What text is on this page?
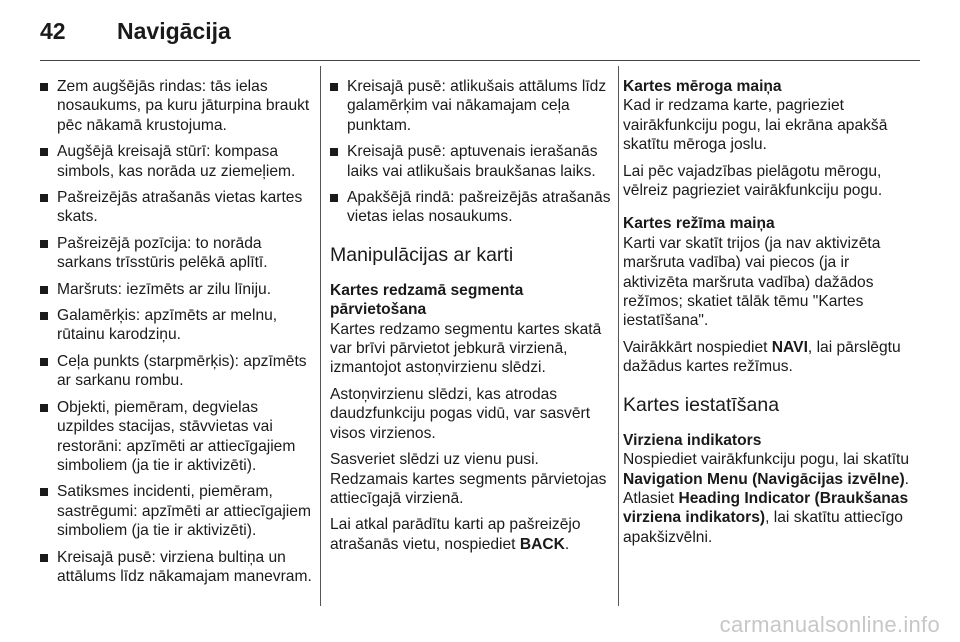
42 Navigācija
Zem augšējās rindas: tās ielas nosaukums, pa kuru jāturpina braukt pēc nākamā krustojuma.
Augšējā kreisajā stūrī: kompasa simbols, kas norāda uz ziemeļiem.
Pašreizējās atrašanās vietas kartes skats.
Pašreizējā pozīcija: to norāda sarkans trīsstūris pelēkā aplītī.
Maršruts: iezīmēts ar zilu līniju.
Galamērķis: apzīmēts ar melnu, rūtainu karodziņu.
Ceļa punkts (starpmērķis): apzīmēts ar sarkanu rombu.
Objekti, piemēram, degvielas uzpildes stacijas, stāvvietas vai restorāni: apzīmēti ar attiecīgajiem simboliem (ja tie ir aktivizēti).
Satiksmes incidenti, piemēram, sastrēgumi: apzīmēti ar attiecīgajiem simboliem (ja tie ir aktivizēti).
Kreisajā pusē: virziena bultiņa un attālums līdz nākamajam manevram.
Kreisajā pusē: atlikušais attālums līdz galamērķim vai nākamajam ceļa punktam.
Kreisajā pusē: aptuvenais ierašanās laiks vai atlikušais braukšanas laiks.
Apakšējā rindā: pašreizējās atrašanās vietas ielas nosaukums.
Manipulācijas ar karti
Kartes redzamā segmenta pārvietošana

Kartes redzamo segmentu kartes skatā var brīvi pārvietot jebkurā virzienā, izmantojot astoņvirzienu slēdzi.

Astoņvirzienu slēdzi, kas atrodas daudzfunkciju pogas vidū, var sasvērt visos virzienos.

Sasveriet slēdzi uz vienu pusi. Redzamais kartes segments pārvietojas attiecīgajā virzienā.

Lai atkal parādītu karti ap pašreizējo atrašanās vietu, nospiediet BACK.

Kartes mēroga maiņa

Kad ir redzama karte, pagrieziet vairākfunkciju pogu, lai ekrāna apakšā skatītu mēroga joslu.

Lai pēc vajadzības pielāgotu mērogu, vēlreiz pagrieziet vairākfunkciju pogu.

Kartes režīma maiņa

Karti var skatīt trijos (ja nav aktivizēta maršruta vadība) vai piecos (ja ir aktivizēta maršruta vadība) dažādos režīmos; skatiet tālāk tēmu "Kartes iestatīšana".

Vairākkārt nospiediet NAVI, lai pārslēgtu dažādus kartes režīmus.

Kartes iestatīšana
Virziena indikators

Nospiediet vairākfunkciju pogu, lai skatītu Navigation Menu (Navigācijas izvēlne). Atlasiet Heading Indicator (Braukšanas virziena indikators), lai skatītu attiecīgo apakšizvēlni.

carmanualsonline.info
